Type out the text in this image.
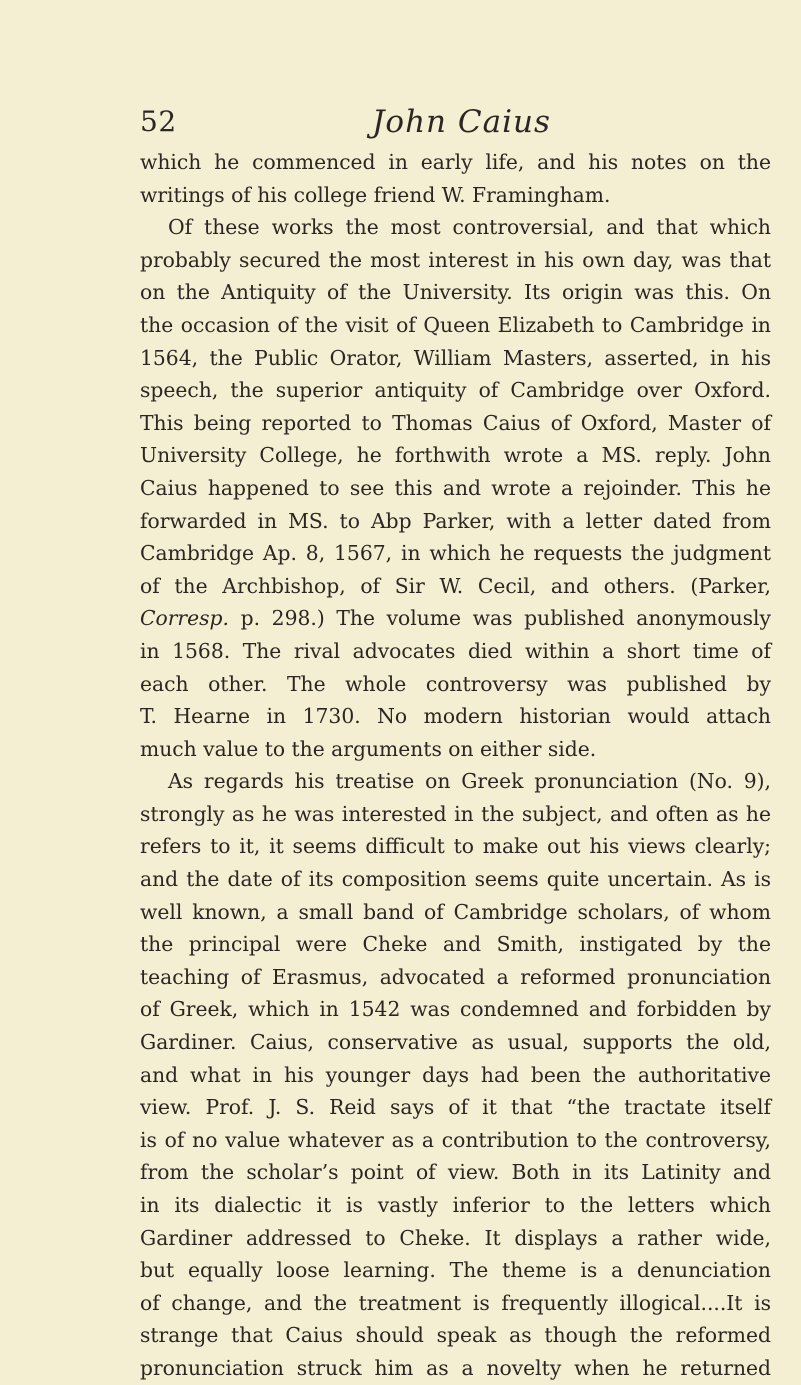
52	John Caius
which he commenced in early life, and his notes on the
writings of his college friend W. Framingham.
Of these works the most controversial, and that which
probably secured the most interest in his own day, was that
on the Antiquity of the University. Its origin was this. On
the occasion of the visit of Queen Elizabeth to Cambridge in
1564, the Public Orator, William Masters, asserted, in his
speech, the superior antiquity of Cambridge over Oxford.
This being reported to Thomas Caius of Oxford, Master of
University College, he forthwith wrote a MS. reply. John
Caius happened to see this and wrote a rejoinder. This he
forwarded in MS. to Abp Parker, with a letter dated from
Cambridge Ap. 8, 1567, in which he requests the judgment
of the Archbishop, of Sir W. Cecil, and others. (Parker,
Corresp. p. 298.) The volume was published anonymously
in 1568. The rival advocates died within a short time of
each other. The whole controversy was published by
T. Hearne in 1730. No modern historian would attach
much value to the arguments on either side.
As regards his treatise on Greek pronunciation (No. 9),
strongly as he was interested in the subject, and often as he
refers to it, it seems difficult to make out his views clearly;
and the date of its composition seems quite uncertain. As is
well known, a small band of Cambridge scholars, of whom
the principal were Cheke and Smith, instigated by the
teaching of Erasmus, advocated a reformed pronunciation
of Greek, which in 1542 was condemned and forbidden by
Gardiner. Caius, conservative as usual, supports the old,
and what in his younger days had been the authoritative
view. Prof. J. S. Reid says of it that “the tractate itself
is of no value whatever as a contribution to the controversy,
from the scholar’s point of view. Both in its Latinity and
in its dialectic it is vastly inferior to the letters which
Gardiner addressed to Cheke. It displays a rather wide,
but equally loose learning. The theme is a denunciation
of change, and the treatment is frequently illogical....It is
strange that Caius should speak as though the reformed
pronunciation struck him as a novelty when he returned
